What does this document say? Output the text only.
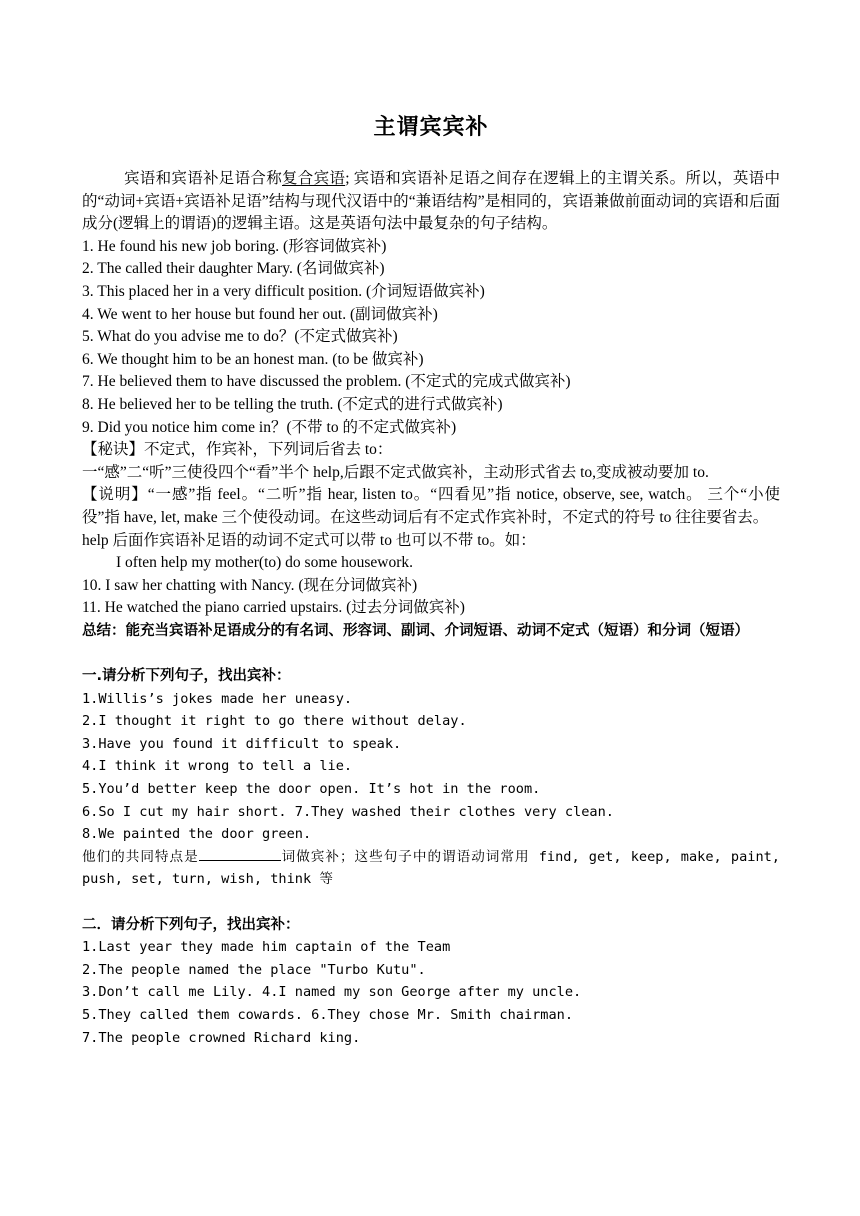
主谓宾宾补
宾语和宾语补足语合称复合宾语; 宾语和宾语补足语之间存在逻辑上的主谓关系。所以，英语中的“动词+宾语+宾语补足语”结构与现代汉语中的“兼语结构”是相同的，宾语兼做前面动词的宾语和后面成分(逻辑上的谓语)的逻辑主语。这是英语句法中最复杂的句子结构。
1. He found his new job boring. (形容词做宾补)
2. The called their daughter Mary. (名词做宾补)
3. This placed her in a very difficult position. (介词短语做宾补)
4. We went to her house but found her out. (副词做宾补)
5. What do you advise me to do？(不定式做宾补)
6. We thought him to be an honest man. (to be 做宾补)
7. He believed them to have discussed the problem. (不定式的完成式做宾补)
8. He believed her to be telling the truth. (不定式的进行式做宾补)
9. Did you notice him come in？(不带 to 的不定式做宾补)
【秘诀】不定式，作宾补，下列词后省去 to：
一“感”二“听”三使役四个“看”半个 help,后跟不定式做宾补，主动形式省去 to,变成被动要加 to.
【说明】“一感”指 feel。“二听”指 hear, listen to。“四看见”指 notice, observe, see, watch。 三个“小使役”指 have, let, make 三个使役动词。在这些动词后有不定式作宾补时，不定式的符号 to 往往要省去。
help 后面作宾语补足语的动词不定式可以带 to 也可以不带 to。如：
I often help my mother(to) do some housework.
10. I saw her chatting with Nancy. (现在分词做宾补)
11. He watched the piano carried upstairs. (过去分词做宾补)
总结：能充当宾语补足语成分的有名词、形容词、副词、介词短语、动词不定式（短语）和分词（短语）
一.请分析下列句子，找出宾补：
1.Willis’s jokes made her uneasy.
2.I thought it right to go there without delay.
3.Have you found it difficult to speak.
4.I think it wrong to tell a lie.
5.You’d better keep the door open. It’s hot in the room.
6.So I cut my hair short. 7.They washed their clothes very clean.
8.We painted the door green.
他们的共同特点是	词做宾补；这些句子中的谓语动词常用 find, get, keep, make, paint, push, set, turn, wish, think 等
二．请分析下列句子，找出宾补：
1.Last year they made him captain of the Team
2.The people named the place "Turbo Kutu".
3.Don’t call me Lily. 4.I named my son George after my uncle.
5.They called them cowards. 6.They chose Mr. Smith chairman.
7.The people crowned Richard king.
